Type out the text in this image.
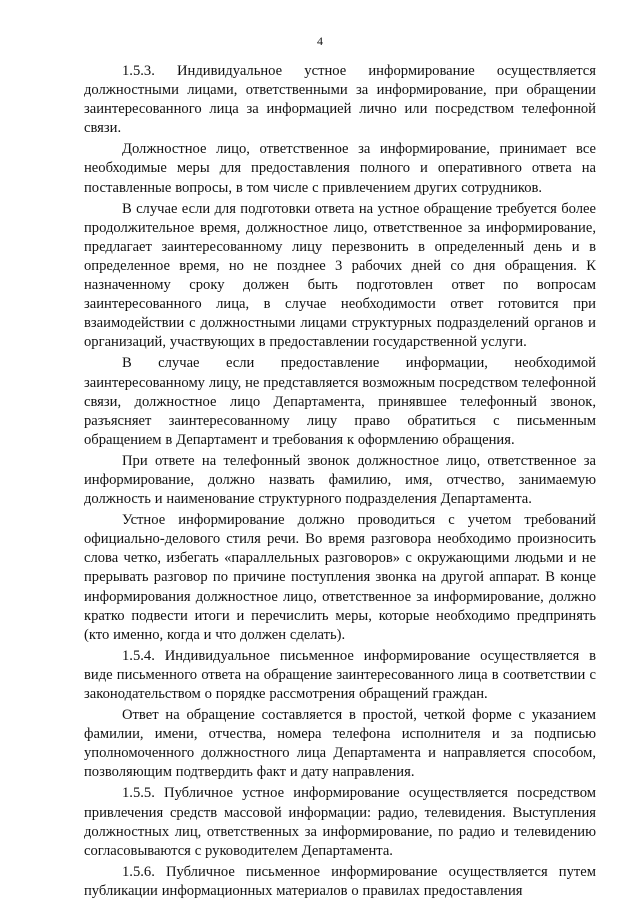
4

1.5.3. Индивидуальное устное информирование осуществляется должностными лицами, ответственными за информирование, при обращении заинтересованного лица за информацией лично или посредством телефонной связи.

Должностное лицо, ответственное за информирование, принимает все необходимые меры для предоставления полного и оперативного ответа на поставленные вопросы, в том числе с привлечением других сотрудников.

В случае если для подготовки ответа на устное обращение требуется более продолжительное время, должностное лицо, ответственное за информирование, предлагает заинтересованному лицу перезвонить в определенный день и в определенное время, но не позднее 3 рабочих дней со дня обращения. К назначенному сроку должен быть подготовлен ответ по вопросам заинтересованного лица, в случае необходимости ответ готовится при взаимодействии с должностными лицами структурных подразделений органов и организаций, участвующих в предоставлении государственной услуги.

В случае если предоставление информации, необходимой заинтересованному лицу, не представляется возможным посредством телефонной связи, должностное лицо Департамента, принявшее телефонный звонок, разъясняет заинтересованному лицу право обратиться с письменным обращением в Департамент и требования к оформлению обращения.

При ответе на телефонный звонок должностное лицо, ответственное за информирование, должно назвать фамилию, имя, отчество, занимаемую должность и наименование структурного подразделения Департамента.

Устное информирование должно проводиться с учетом требований официально-делового стиля речи. Во время разговора необходимо произносить слова четко, избегать «параллельных разговоров» с окружающими людьми и не прерывать разговор по причине поступления звонка на другой аппарат. В конце информирования должностное лицо, ответственное за информирование, должно кратко подвести итоги и перечислить меры, которые необходимо предпринять (кто именно, когда и что должен сделать).

1.5.4. Индивидуальное письменное информирование осуществляется в виде письменного ответа на обращение заинтересованного лица в соответствии с законодательством о порядке рассмотрения обращений граждан.

Ответ на обращение составляется в простой, четкой форме с указанием фамилии, имени, отчества, номера телефона исполнителя и за подписью уполномоченного должностного лица Департамента и направляется способом, позволяющим подтвердить факт и дату направления.

1.5.5. Публичное устное информирование осуществляется посредством привлечения средств массовой информации: радио, телевидения. Выступления должностных лиц, ответственных за информирование, по радио и телевидению согласовываются с руководителем Департамента.

1.5.6. Публичное письменное информирование осуществляется путем публикации информационных материалов о правилах предоставления
